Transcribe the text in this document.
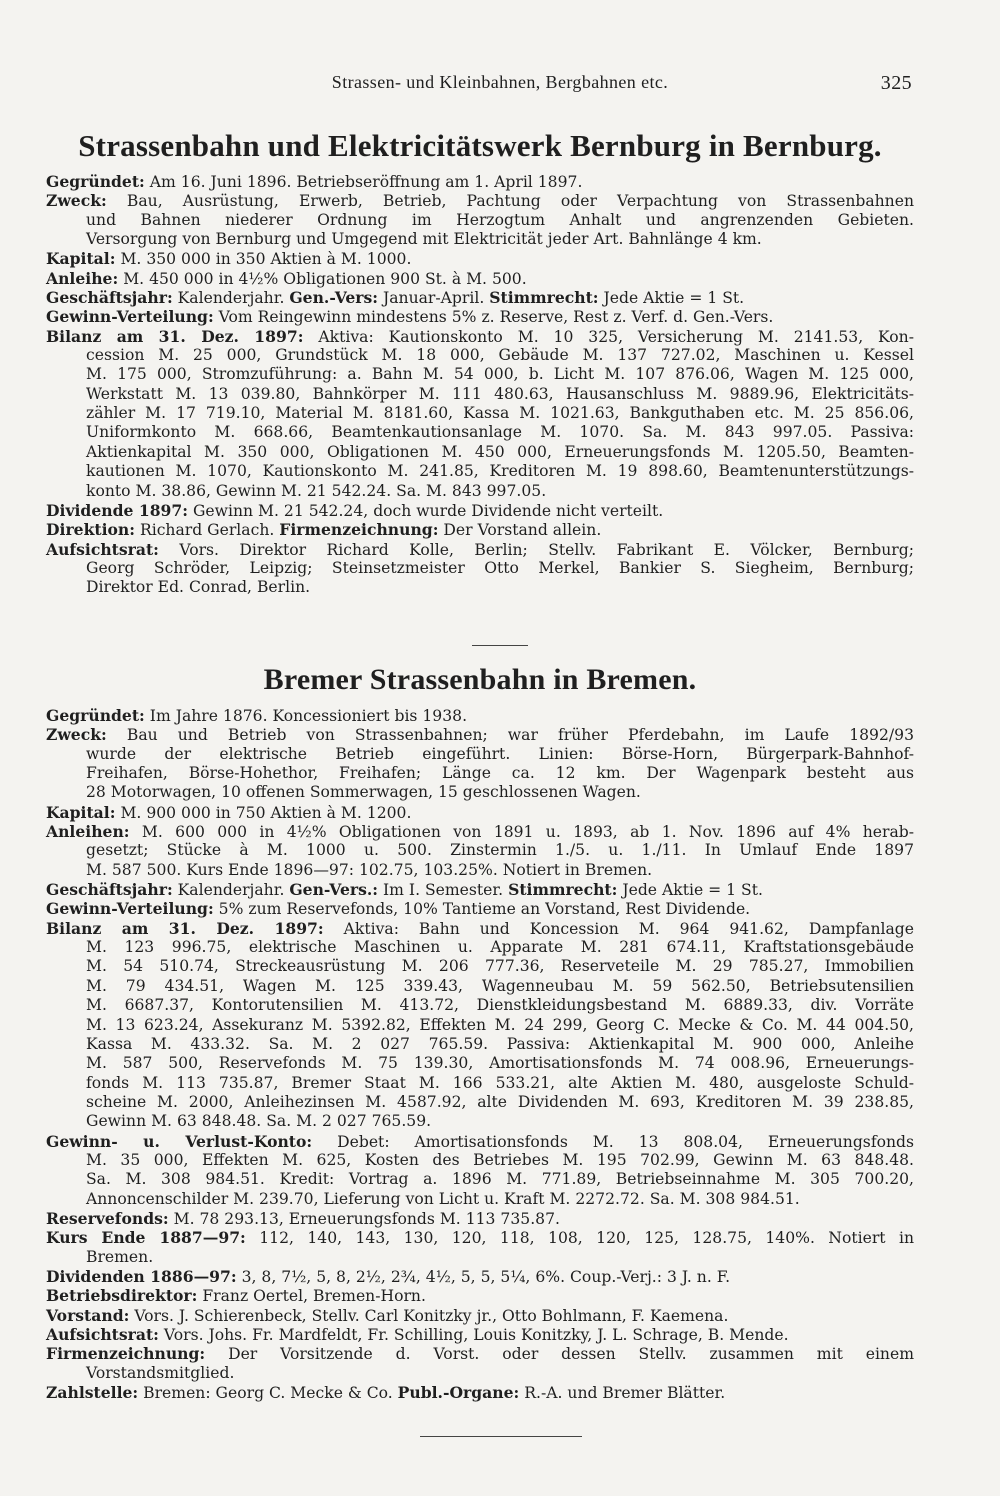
Strassen- und Kleinbahnen, Bergbahnen etc.	325
Strassenbahn und Elektricitätswerk Bernburg in Bernburg.
Gegründet: Am 16. Juni 1896. Betriebseröffnung am 1. April 1897.
Zweck: Bau, Ausrüstung, Erwerb, Betrieb, Pachtung oder Verpachtung von Strassenbahnen
und Bahnen niederer Ordnung im Herzogtum Anhalt und angrenzenden Gebieten.
Versorgung von Bernburg und Umgegend mit Elektricität jeder Art. Bahnlänge 4 km.
Kapital: M. 350 000 in 350 Aktien à M. 1000.
Anleihe: M. 450 000 in 4½% Obligationen 900 St. à M. 500.
Geschäftsjahr: Kalenderjahr. Gen.-Vers: Januar-April. Stimmrecht: Jede Aktie = 1 St.
Gewinn-Verteilung: Vom Reingewinn mindestens 5% z. Reserve, Rest z. Verf. d. Gen.-Vers.
Bilanz am 31. Dez. 1897: Aktiva: Kautionskonto M. 10 325, Versicherung M. 2141.53, Kon-
cession M. 25 000, Grundstück M. 18 000, Gebäude M. 137 727.02, Maschinen u. Kessel
M. 175 000, Stromzuführung: a. Bahn M. 54 000, b. Licht M. 107 876.06, Wagen M. 125 000,
Werkstatt M. 13 039.80, Bahnkörper M. 111 480.63, Hausanschluss M. 9889.96, Elektricitäts-
zähler M. 17 719.10, Material M. 8181.60, Kassa M. 1021.63, Bankguthaben etc. M. 25 856.06,
Uniformkonto M. 668.66, Beamtenkautionsanlage M. 1070. Sa. M. 843 997.05. Passiva:
Aktienkapital M. 350 000, Obligationen M. 450 000, Erneuerungsfonds M. 1205.50, Beamten-
kautionen M. 1070, Kautionskonto M. 241.85, Kreditoren M. 19 898.60, Beamtenunterstützungs-
konto M. 38.86, Gewinn M. 21 542.24. Sa. M. 843 997.05.
Dividende 1897: Gewinn M. 21 542.24, doch wurde Dividende nicht verteilt.
Direktion: Richard Gerlach. Firmenzeichnung: Der Vorstand allein.
Aufsichtsrat: Vors. Direktor Richard Kolle, Berlin; Stellv. Fabrikant E. Völcker, Bernburg;
Georg Schröder, Leipzig; Steinsetzmeister Otto Merkel, Bankier S. Siegheim, Bernburg;
Direktor Ed. Conrad, Berlin.
Bremer Strassenbahn in Bremen.
Gegründet: Im Jahre 1876. Koncessioniert bis 1938.
Zweck: Bau und Betrieb von Strassenbahnen; war früher Pferdebahn, im Laufe 1892/93
wurde der elektrische Betrieb eingeführt. Linien: Börse-Horn, Bürgerpark-Bahnhof-
Freihafen, Börse-Hohethor, Freihafen; Länge ca. 12 km. Der Wagenpark besteht aus
28 Motorwagen, 10 offenen Sommerwagen, 15 geschlossenen Wagen.
Kapital: M. 900 000 in 750 Aktien à M. 1200.
Anleihen: M. 600 000 in 4½% Obligationen von 1891 u. 1893, ab 1. Nov. 1896 auf 4% herab-
gesetzt; Stücke à M. 1000 u. 500. Zinstermin 1./5. u. 1./11. In Umlauf Ende 1897
M. 587 500. Kurs Ende 1896—97: 102.75, 103.25%. Notiert in Bremen.
Geschäftsjahr: Kalenderjahr. Gen-Vers.: Im I. Semester. Stimmrecht: Jede Aktie = 1 St.
Gewinn-Verteilung: 5% zum Reservefonds, 10% Tantieme an Vorstand, Rest Dividende.
Bilanz am 31. Dez. 1897: Aktiva: Bahn und Koncession M. 964 941.62, Dampfanlage
M. 123 996.75, elektrische Maschinen u. Apparate M. 281 674.11, Kraftstationsgebäude
M. 54 510.74, Streckeausrüstung M. 206 777.36, Reserveteile M. 29 785.27, Immobilien
M. 79 434.51, Wagen M. 125 339.43, Wagenneubau M. 59 562.50, Betriebsutensilien
M. 6687.37, Kontorutensilien M. 413.72, Dienstkleidungsbestand M. 6889.33, div. Vorräte
M. 13 623.24, Assekuranz M. 5392.82, Effekten M. 24 299, Georg C. Mecke & Co. M. 44 004.50,
Kassa M. 433.32. Sa. M. 2 027 765.59. Passiva: Aktienkapital M. 900 000, Anleihe
M. 587 500, Reservefonds M. 75 139.30, Amortisationsfonds M. 74 008.96, Erneuerungs-
fonds M. 113 735.87, Bremer Staat M. 166 533.21, alte Aktien M. 480, ausgeloste Schuld-
scheine M. 2000, Anleihezinsen M. 4587.92, alte Dividenden M. 693, Kreditoren M. 39 238.85,
Gewinn M. 63 848.48. Sa. M. 2 027 765.59.
Gewinn- u. Verlust-Konto: Debet: Amortisationsfonds M. 13 808.04, Erneuerungsfonds
M. 35 000, Effekten M. 625, Kosten des Betriebes M. 195 702.99, Gewinn M. 63 848.48.
Sa. M. 308 984.51. Kredit: Vortrag a. 1896 M. 771.89, Betriebseinnahme M. 305 700.20,
Annoncenschilder M. 239.70, Lieferung von Licht u. Kraft M. 2272.72. Sa. M. 308 984.51.
Reservefonds: M. 78 293.13, Erneuerungsfonds M. 113 735.87.
Kurs Ende 1887—97: 112, 140, 143, 130, 120, 118, 108, 120, 125, 128.75, 140%. Notiert in
Bremen.
Dividenden 1886—97: 3, 8, 7½, 5, 8, 2½, 2¾, 4½, 5, 5, 5¼, 6%. Coup.-Verj.: 3 J. n. F.
Betriebsdirektor: Franz Oertel, Bremen-Horn.
Vorstand: Vors. J. Schierenbeck, Stellv. Carl Konitzky jr., Otto Bohlmann, F. Kaemena.
Aufsichtsrat: Vors. Johs. Fr. Mardfeldt, Fr. Schilling, Louis Konitzky, J. L. Schrage, B. Mende.
Firmenzeichnung: Der Vorsitzende d. Vorst. oder dessen Stellv. zusammen mit einem
Vorstandsmitglied.
Zahlstelle: Bremen: Georg C. Mecke & Co. Publ.-Organe: R.-A. und Bremer Blätter.
